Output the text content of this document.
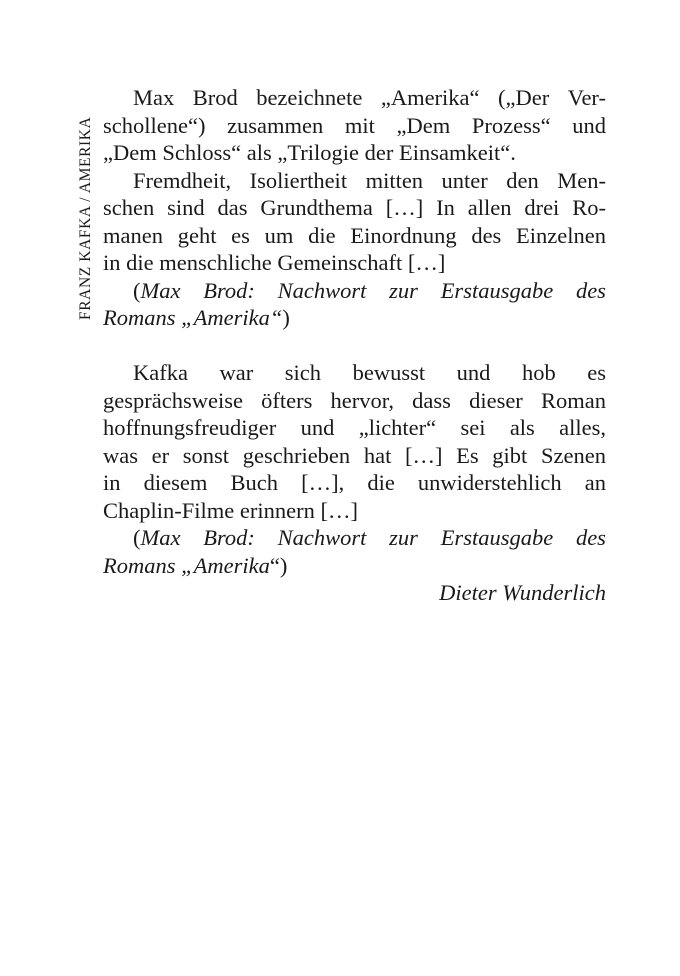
FRANZ KAFKA / AMERIKA
Max Brod bezeichnete „Amerika“ („Der Ver-
schollene“) zusammen mit „Dem Prozess“ und
„Dem Schloss“ als „Trilogie der Einsamkeit“.
Fremdheit, Isoliertheit mitten unter den Men-
schen sind das Grundthema […] In allen drei Ro-
manen geht es um die Einordnung des Einzelnen
in die menschliche Gemeinschaft […]
( Max Brod: Nachwort zur Erstausgabe des
Romans „Amerika“)
Kafka war sich bewusst und hob es
gesprächsweise öfters hervor, dass dieser Roman
hoffnungsfreudiger und „lichter“ sei als alles,
was er sonst geschrieben hat […] Es gibt Szenen
in diesem Buch […], die unwiderstehlich an
Chaplin-Filme erinnern […]
( Max Brod: Nachwort zur Erstausgabe des
Romans „Amerika“)
Dieter Wunderlich
